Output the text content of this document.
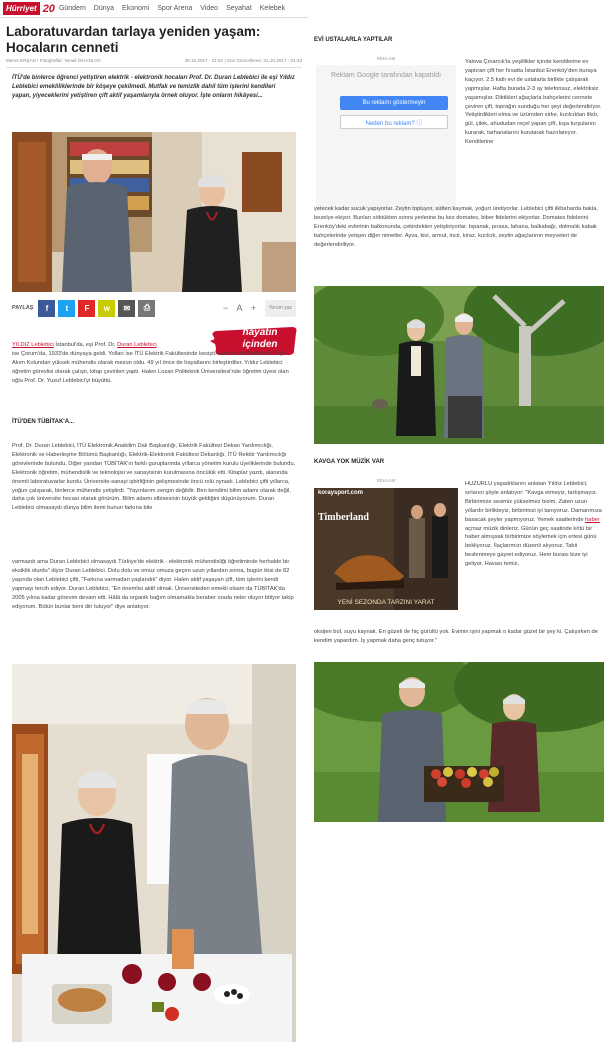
Hürriyet 20 Gündem Dünya Ekonomi Spor Arena Video Seyahat Kelebek
Laboratuvardan tarlaya yeniden yaşam: Hocaların cenneti
Merve ERŞAN / Fotoğraflar: İsmail İSHANLOV	30.10.2017 - 21:51 | Son Güncelleme: 31.10.2017 - 01:43

İTÜ'de binlerce öğrenci yetiştiren elektrik - elektronik hocaları Prof. Dr. Duran Leblebici ile eşi Yıldız Leblebici emekliliklerinde bir köşeye çekilmedi. Mutfak ve temizlik dahil tüm işlerini kendileri yapan, yiyeceklerini yetiştiren çift aktif yaşamlarıyla örnek oluyor. İşte onların hikâyesi...

PAYLAŞ	f	t	F	w	✉	⎙	− A +	Yorum yaz
hayatın
içinden

YILDIZ Leblebici İstanbul'da, eşi Prof. Dr. Duran Leblebici

ise Çorum'da, 1933'de dünyaya geldi. Yolları ise İTÜ Elektrik Fakültesinde kesişti. Her ikisi de fakültenin Zayıf Akım Kolundan yüksek mühendis olarak mezun oldu. 49 yıl önce de hayatlarını birleştirdiler. Yıldız Leblebici öğretim görevlisi olarak çalıştı, kitap çevirileri yaptı. Halen Lozan Politeknik Üniversitesi'nde öğretim üyesi olan oğlu Prof. Dr. Yusuf Leblebici'yi büyüttü.

İTÜ'DEN TÜBİTAK'A...

Prof. Dr. Duran Leblebici, İTÜ Elektronik Anabilim Dalı Başkanlığı, Elektrik Fakültesi Dekan Yardımcılığı, Elektronik ve Haberleşme Bölümü Başkanlığı, Elektrik-Elektronik Fakültesi Dekanlığı, İTÜ Rektör Yardımcılığı görevlerinde bulundu. Diğer yandan TÜBİTAK'ın farklı guruplarında yıllarca yönetim kurulu üyeliklerinde bulundu. Elektronik öğretim, mühendislik ve teknolojisi ve sanayisinin kurulmasına öncülük etti. Kitaplar yazdı, alanında önemli laboratuvarlar kurdu. Üniversite-sanayi işbirliğinin gelişmesinde öncü rolü oynadı. Leblebici çifti yıllarca, yoğun çalışarak, binlerce mühendis yetiştirdi. "Yayınlarım zengin değildir. Ben kendimi bilim adamı olarak değil, daha çok üniversite hocası olarak görürüm. Bilim adamı elbisesinin büyük geldiğini düşünüyorum. Duran Leblebici olmasaydı dünya bilim ilemi bunun farkına bile

varmazdı ama Duran Leblebici olmasaydı Türkiye'de elektrik - elektronik mühendisliği öğretiminde herhalde bir eksiklik olurdu" diyor Duran Leblebici. Dolu dolu ve omuz omuza geçen uzun yıllardan sonra, bugün ikisi de 82 yaşında olan Leblebici çifti, "Farkına varmadan yaşlandık" diyor. Halen aktif yaşayan çift, tüm işlerini kendi yapmayı tercih ediyor. Duran Leblebici, "En önemlisi aktif olmak. Üniversiteden emekli olsam da TÜBİTAK'da 2005 yılına kadar görevim devam etti. Hâlâ da organik bağım olmamakla beraber orada neler oluyor bitiyor takip ediyorum. Bütün bunlar beni diri tutuyor" diye anlatıyor.

EVİ USTALARLA YAPTILAR
REKLAM
Reklam Google tarafından kapatıldı
Bu reklamı göstermeyin
Neden bu reklam? ⓘ

Yalova Çınarcık'ta yeşillikler içinde kendilerine ev yaptıran çift her fırsatta İstanbul Erenköy'den buraya kaçıyor. 2.5 katlı evi de ustalarla birlikte çalışarak yapmışlar. Hafta burada 2-3 ay telefonsuz, elektriksiz yaşamışlar. Diktikleri ağaçlarla bahçelerini cennete çeviren çift, toprağın sunduğu her şeyi değerlendiriyor. Yetiştirdikleri elma ve üzümden sirke, kızılcıktan likör, gül, çilek, ahududan reçel yapan çift, kışa turşularını kurarak, tarhanalarını kurutarak hazırlanıyor. Kendilerine

yetecek kadar sucuk yapıyorlar. Zeytin topluyor, sütten kaymak, yoğurt üretiyorlar. Leblebici çifti ilkbaharda bakla, bezelye ekiyor. Bunları söktükten sonra yerlerine bu kez domates, biber fidelerini ekiyorlar. Domates fidelerini Erenköy'deki evlerinin balkonunda, çekirdekten yetiştiriyorlar. Ispanak, pırasa, lahana, balkabağı, dolmalık kabak bahçelerinde yetişen diğer nimetler. Ayva, kivi, armut, incir, kiraz, kızılcık, zeytin ağaçlarının meyveleri de değerlendiriliyor.

KAVGA YOK MÜZİK VAR
REKLAM
koraysport.com
Timberland
YENİ SEZONDA TARZINI YARAT

HUZURLU yaşadıklarını anlatan Yıldız Leblebici, sırlarını şöyle anlatıyor: "Kavga etmeyiz, tartışmayız. Birbirimize sesimiz yükselmez bizim. Zaten uzun yıllardır birlikteyiz, birbirimizi iyi tanıyoruz. Damarımıza basacak şeyler yapmıyoruz. Yemek saatlerinde haber açmaz müzik dinleriz. Günün geç saatinde kötü bir haber almışsak birbirimize söylemek için ertesi günü bekliyoruz. İlaçlarımızı düzenli alıyoruz. Tabii beslenmeye gayret ediyoruz. Hem burası bize iyi geliyor. Havası temiz,

oksijen bol, suyu kaynak. En güzeli de hiç gürültü yok. Evimin işini yapmak o kadar güzel bir şey ki. Çalışırken de kendim yapardım. İş yapmak daha genç tutuyor."
